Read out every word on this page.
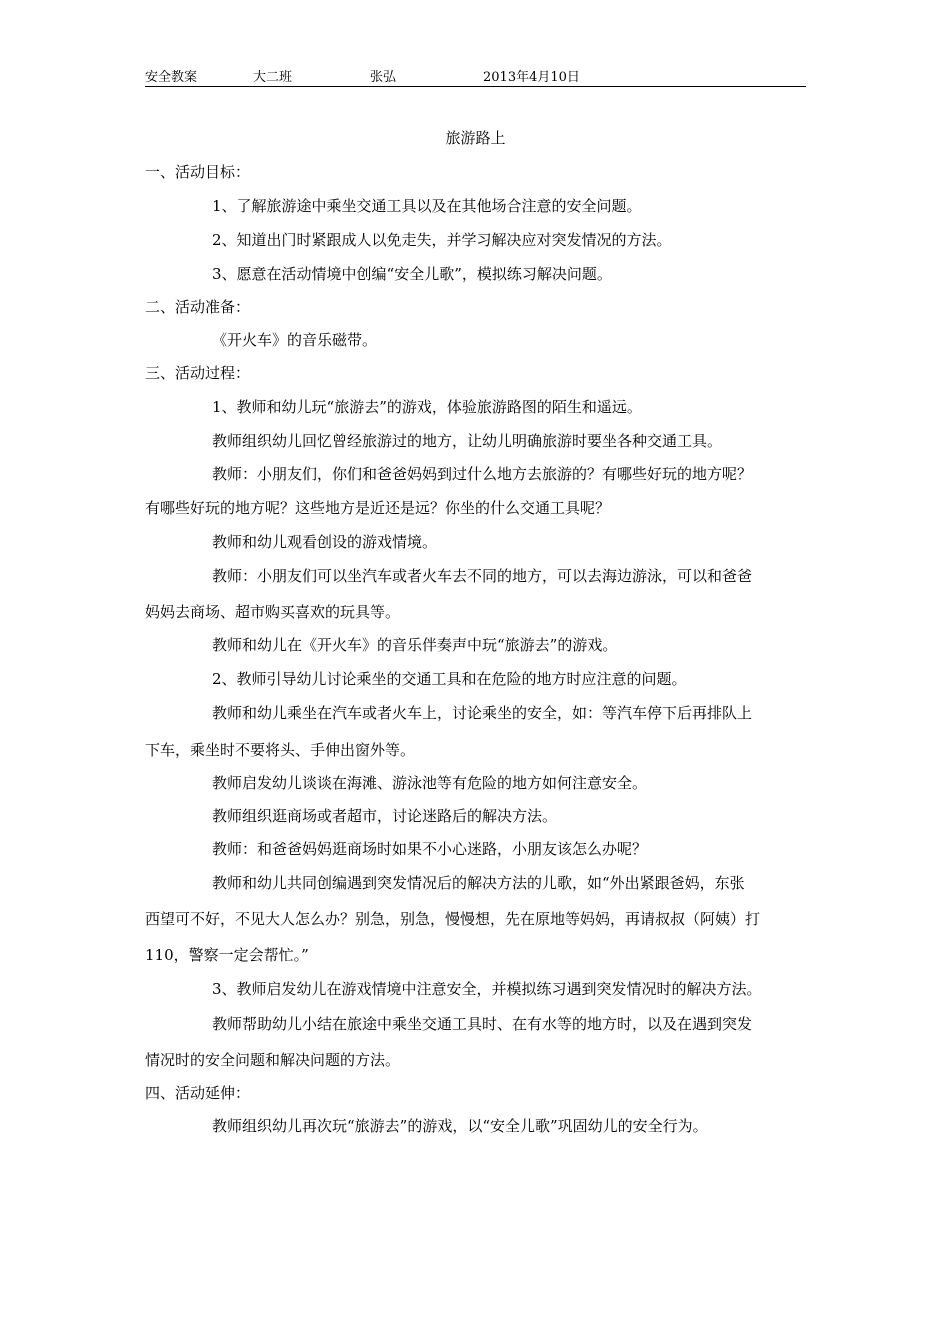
安全教案	大二班	张弘	2013年4月10日
旅游路上
一、活动目标：
1、了解旅游途中乘坐交通工具以及在其他场合注意的安全问题。
2、知道出门时紧跟成人以免走失，并学习解决应对突发情况的方法。
3、愿意在活动情境中创编“安全儿歌”，模拟练习解决问题。
二、活动准备：
《开火车》的音乐磁带。
三、活动过程：
1、教师和幼儿玩“旅游去”的游戏，体验旅游路图的陌生和遥远。
教师组织幼儿回忆曾经旅游过的地方，让幼儿明确旅游时要坐各种交通工具。
教师：小朋友们，你们和爸爸妈妈到过什么地方去旅游的？有哪些好玩的地方呢？
有哪些好玩的地方呢？这些地方是近还是远？你坐的什么交通工具呢？
教师和幼儿观看创设的游戏情境。
教师：小朋友们可以坐汽车或者火车去不同的地方，可以去海边游泳，可以和爸爸
妈妈去商场、超市购买喜欢的玩具等。
教师和幼儿在《开火车》的音乐伴奏声中玩“旅游去”的游戏。
2、教师引导幼儿讨论乘坐的交通工具和在危险的地方时应注意的问题。
教师和幼儿乘坐在汽车或者火车上，讨论乘坐的安全，如：等汽车停下后再排队上
下车，乘坐时不要将头、手伸出窗外等。
教师启发幼儿谈谈在海滩、游泳池等有危险的地方如何注意安全。
教师组织逛商场或者超市，讨论迷路后的解决方法。
教师：和爸爸妈妈逛商场时如果不小心迷路，小朋友该怎么办呢？
教师和幼儿共同创编遇到突发情况后的解决方法的儿歌，如“外出紧跟爸妈，东张
西望可不好，不见大人怎么办？别急，别急，慢慢想，先在原地等妈妈，再请叔叔（阿姨）打
110，警察一定会帮忙。”
3、教师启发幼儿在游戏情境中注意安全，并模拟练习遇到突发情况时的解决方法。
教师帮助幼儿小结在旅途中乘坐交通工具时、在有水等的地方时，以及在遇到突发
情况时的安全问题和解决问题的方法。
四、活动延伸：
教师组织幼儿再次玩“旅游去”的游戏，以“安全儿歌”巩固幼儿的安全行为。
